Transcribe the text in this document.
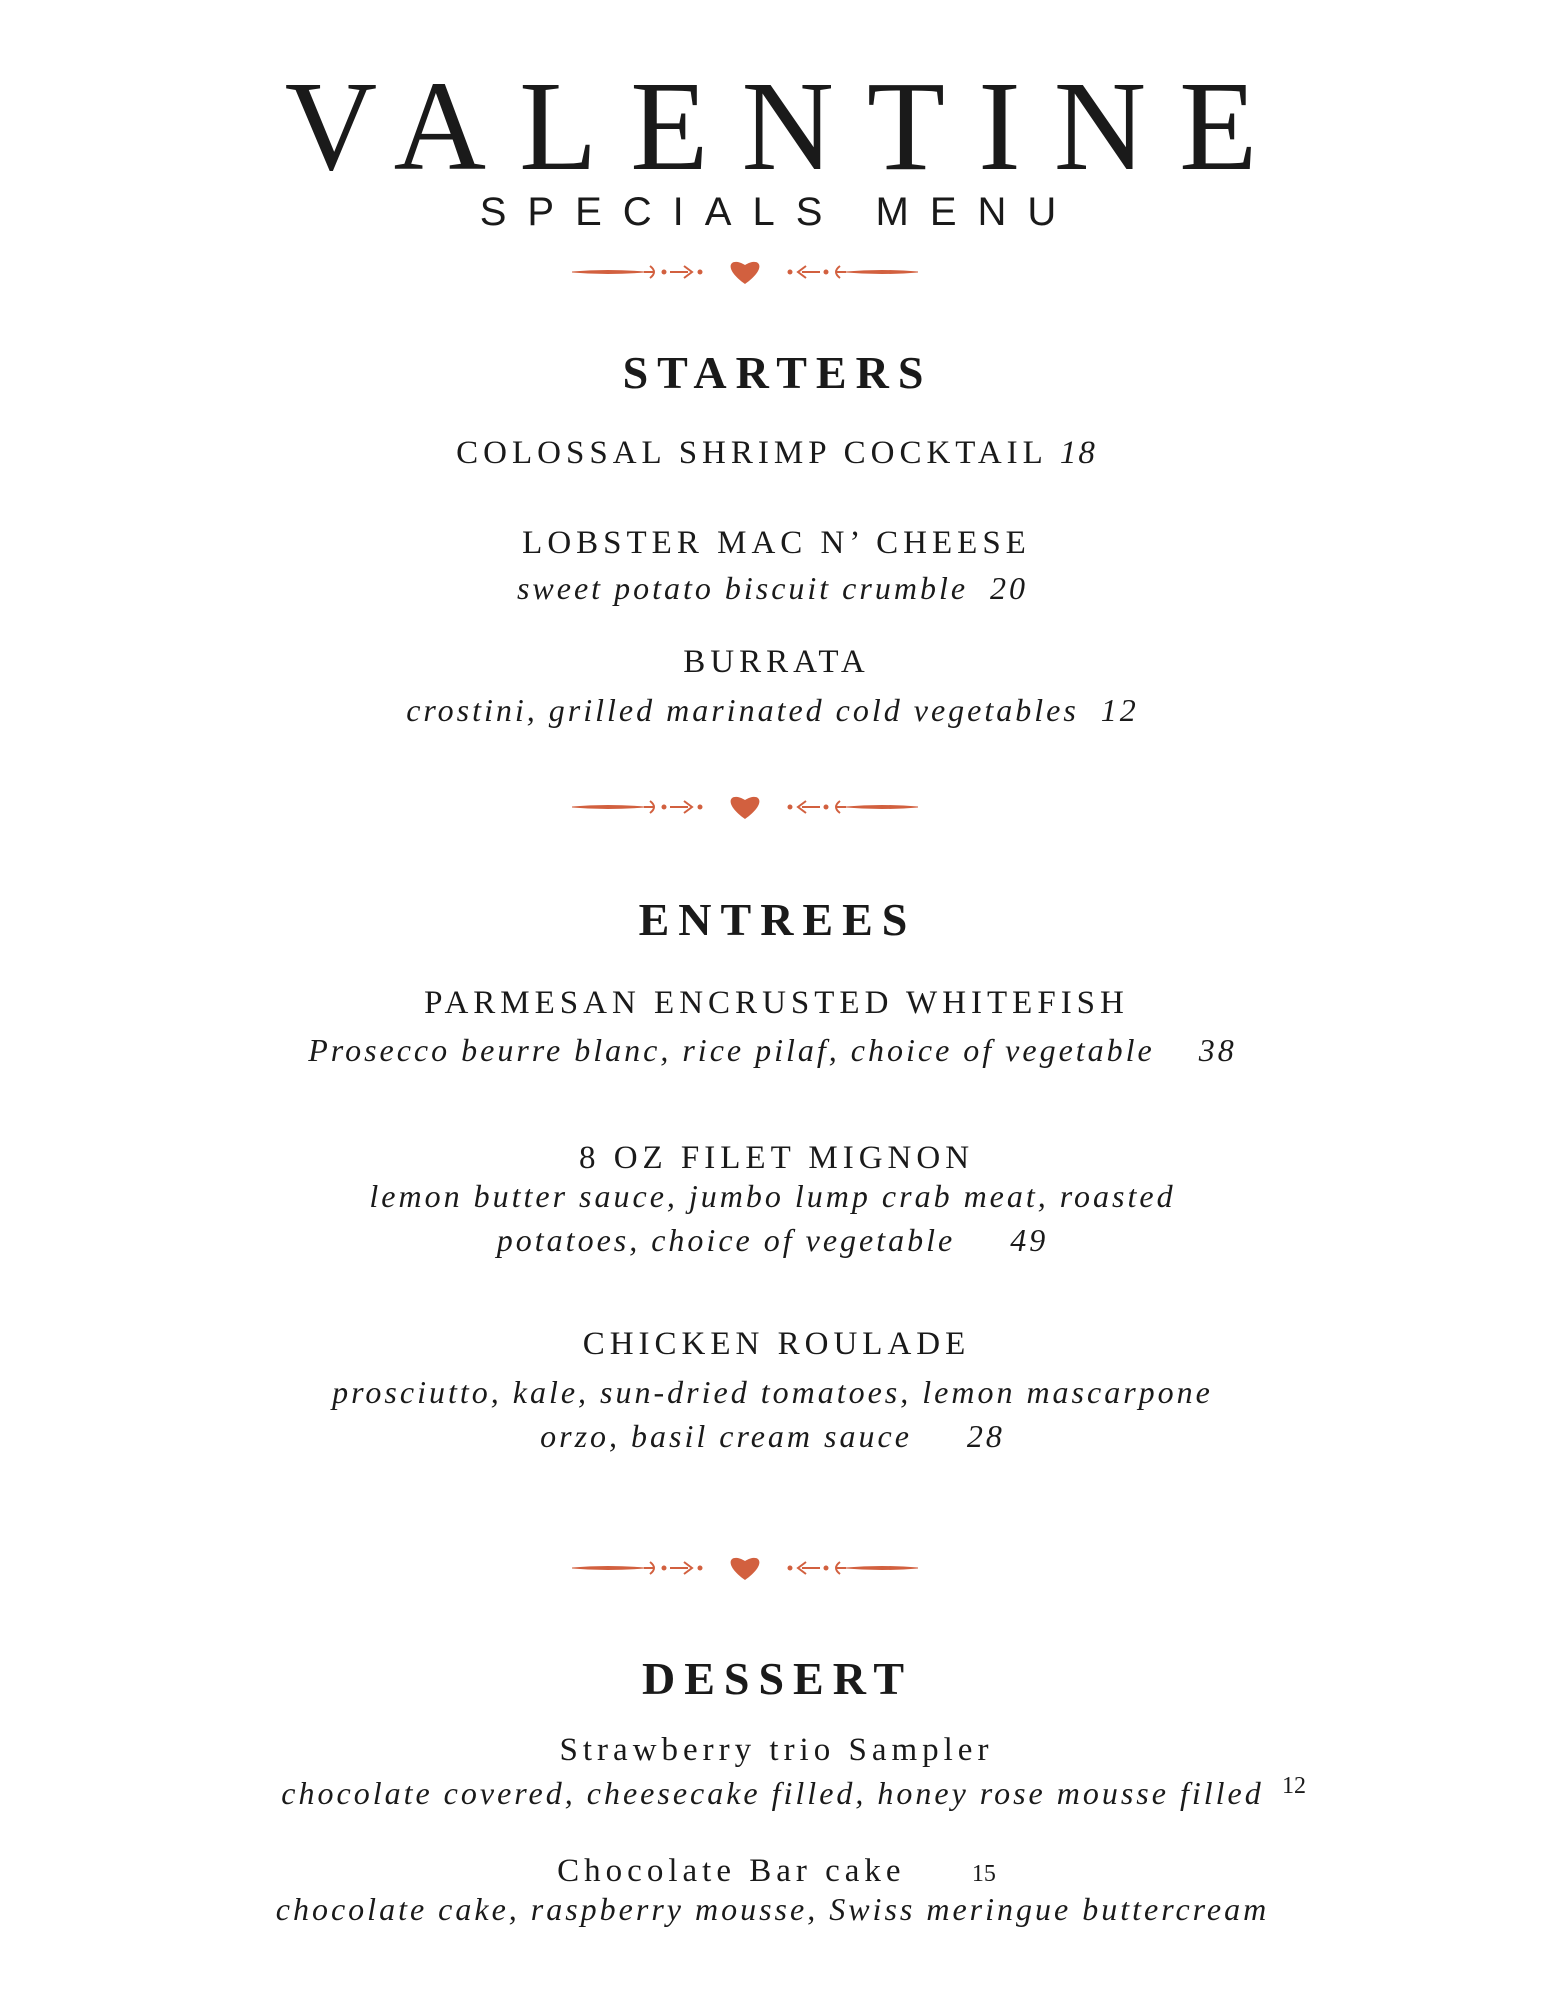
VALENTINE
SPECIALS MENU
STARTERS
COLOSSAL SHRIMP COCKTAIL 18
LOBSTER MAC N’ CHEESE
sweet potato biscuit crumble 20
BURRATA
crostini, grilled marinated cold vegetables 12
ENTREES
PARMESAN ENCRUSTED WHITEFISH
Prosecco beurre blanc, rice pilaf, choice of vegetable 38
8 OZ FILET MIGNON
lemon butter sauce, jumbo lump crab meat, roasted
potatoes, choice of vegetable 49
CHICKEN ROULADE
prosciutto, kale, sun-dried tomatoes, lemon mascarpone
orzo, basil cream sauce 28
DESSERT
Strawberry trio Sampler
chocolate covered, cheesecake filled, honey rose mousse filled 12
Chocolate Bar cake	15
chocolate cake, raspberry mousse, Swiss meringue buttercream
